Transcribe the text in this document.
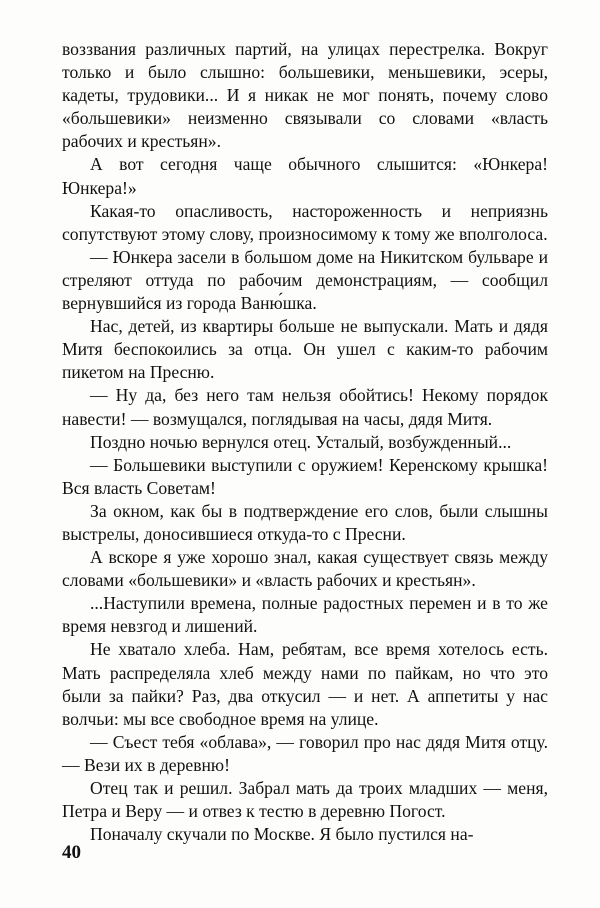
воззвания различных партий, на улицах перестрелка. Вокруг только и было слышно: большевики, меньшевики, эсеры, кадеты, трудовики... И я никак не мог понять, почему слово «большевики» неизменно связывали со словами «власть рабочих и крестьян».

А вот сегодня чаще обычного слышится: «Юнкера! Юнкера!»

Какая-то опасливость, настороженность и неприязнь сопутствуют этому слову, произносимому к тому же вполголоса.

— Юнкера засели в большом доме на Никитском бульваре и стреляют оттуда по рабочим демонстрациям, — сообщил вернувшийся из города Ваню́шка.

Нас, детей, из квартиры больше не выпускали. Мать и дядя Митя беспокоились за отца. Он ушел с каким-то рабочим пикетом на Пресню.

— Ну да, без него там нельзя обойтись! Некому порядок навести! — возмущался, поглядывая на часы, дядя Митя.

Поздно ночью вернулся отец. Усталый, возбужденный...

— Большевики выступили с оружием! Керенскому крышка! Вся власть Советам!

За окном, как бы в подтверждение его слов, были слышны выстрелы, доносившиеся откуда-то с Пресни.

А вскоре я уже хорошо знал, какая существует связь между словами «большевики» и «власть рабочих и крестьян».

...Наступили времена, полные радостных перемен и в то же время невзгод и лишений.

Не хватало хлеба. Нам, ребятам, все время хотелось есть. Мать распределяла хлеб между нами по пайкам, но что это были за пайки? Раз, два откусил — и нет. А аппетиты у нас волчьи: мы все свободное время на улице.

— Съест тебя «облава», — говорил про нас дядя Митя отцу. — Вези их в деревню!

Отец так и решил. Забрал мать да троих младших — меня, Петра и Веру — и отвез к тестю в деревню Погост.

Поначалу скучали по Москве. Я было пустился на-

40
